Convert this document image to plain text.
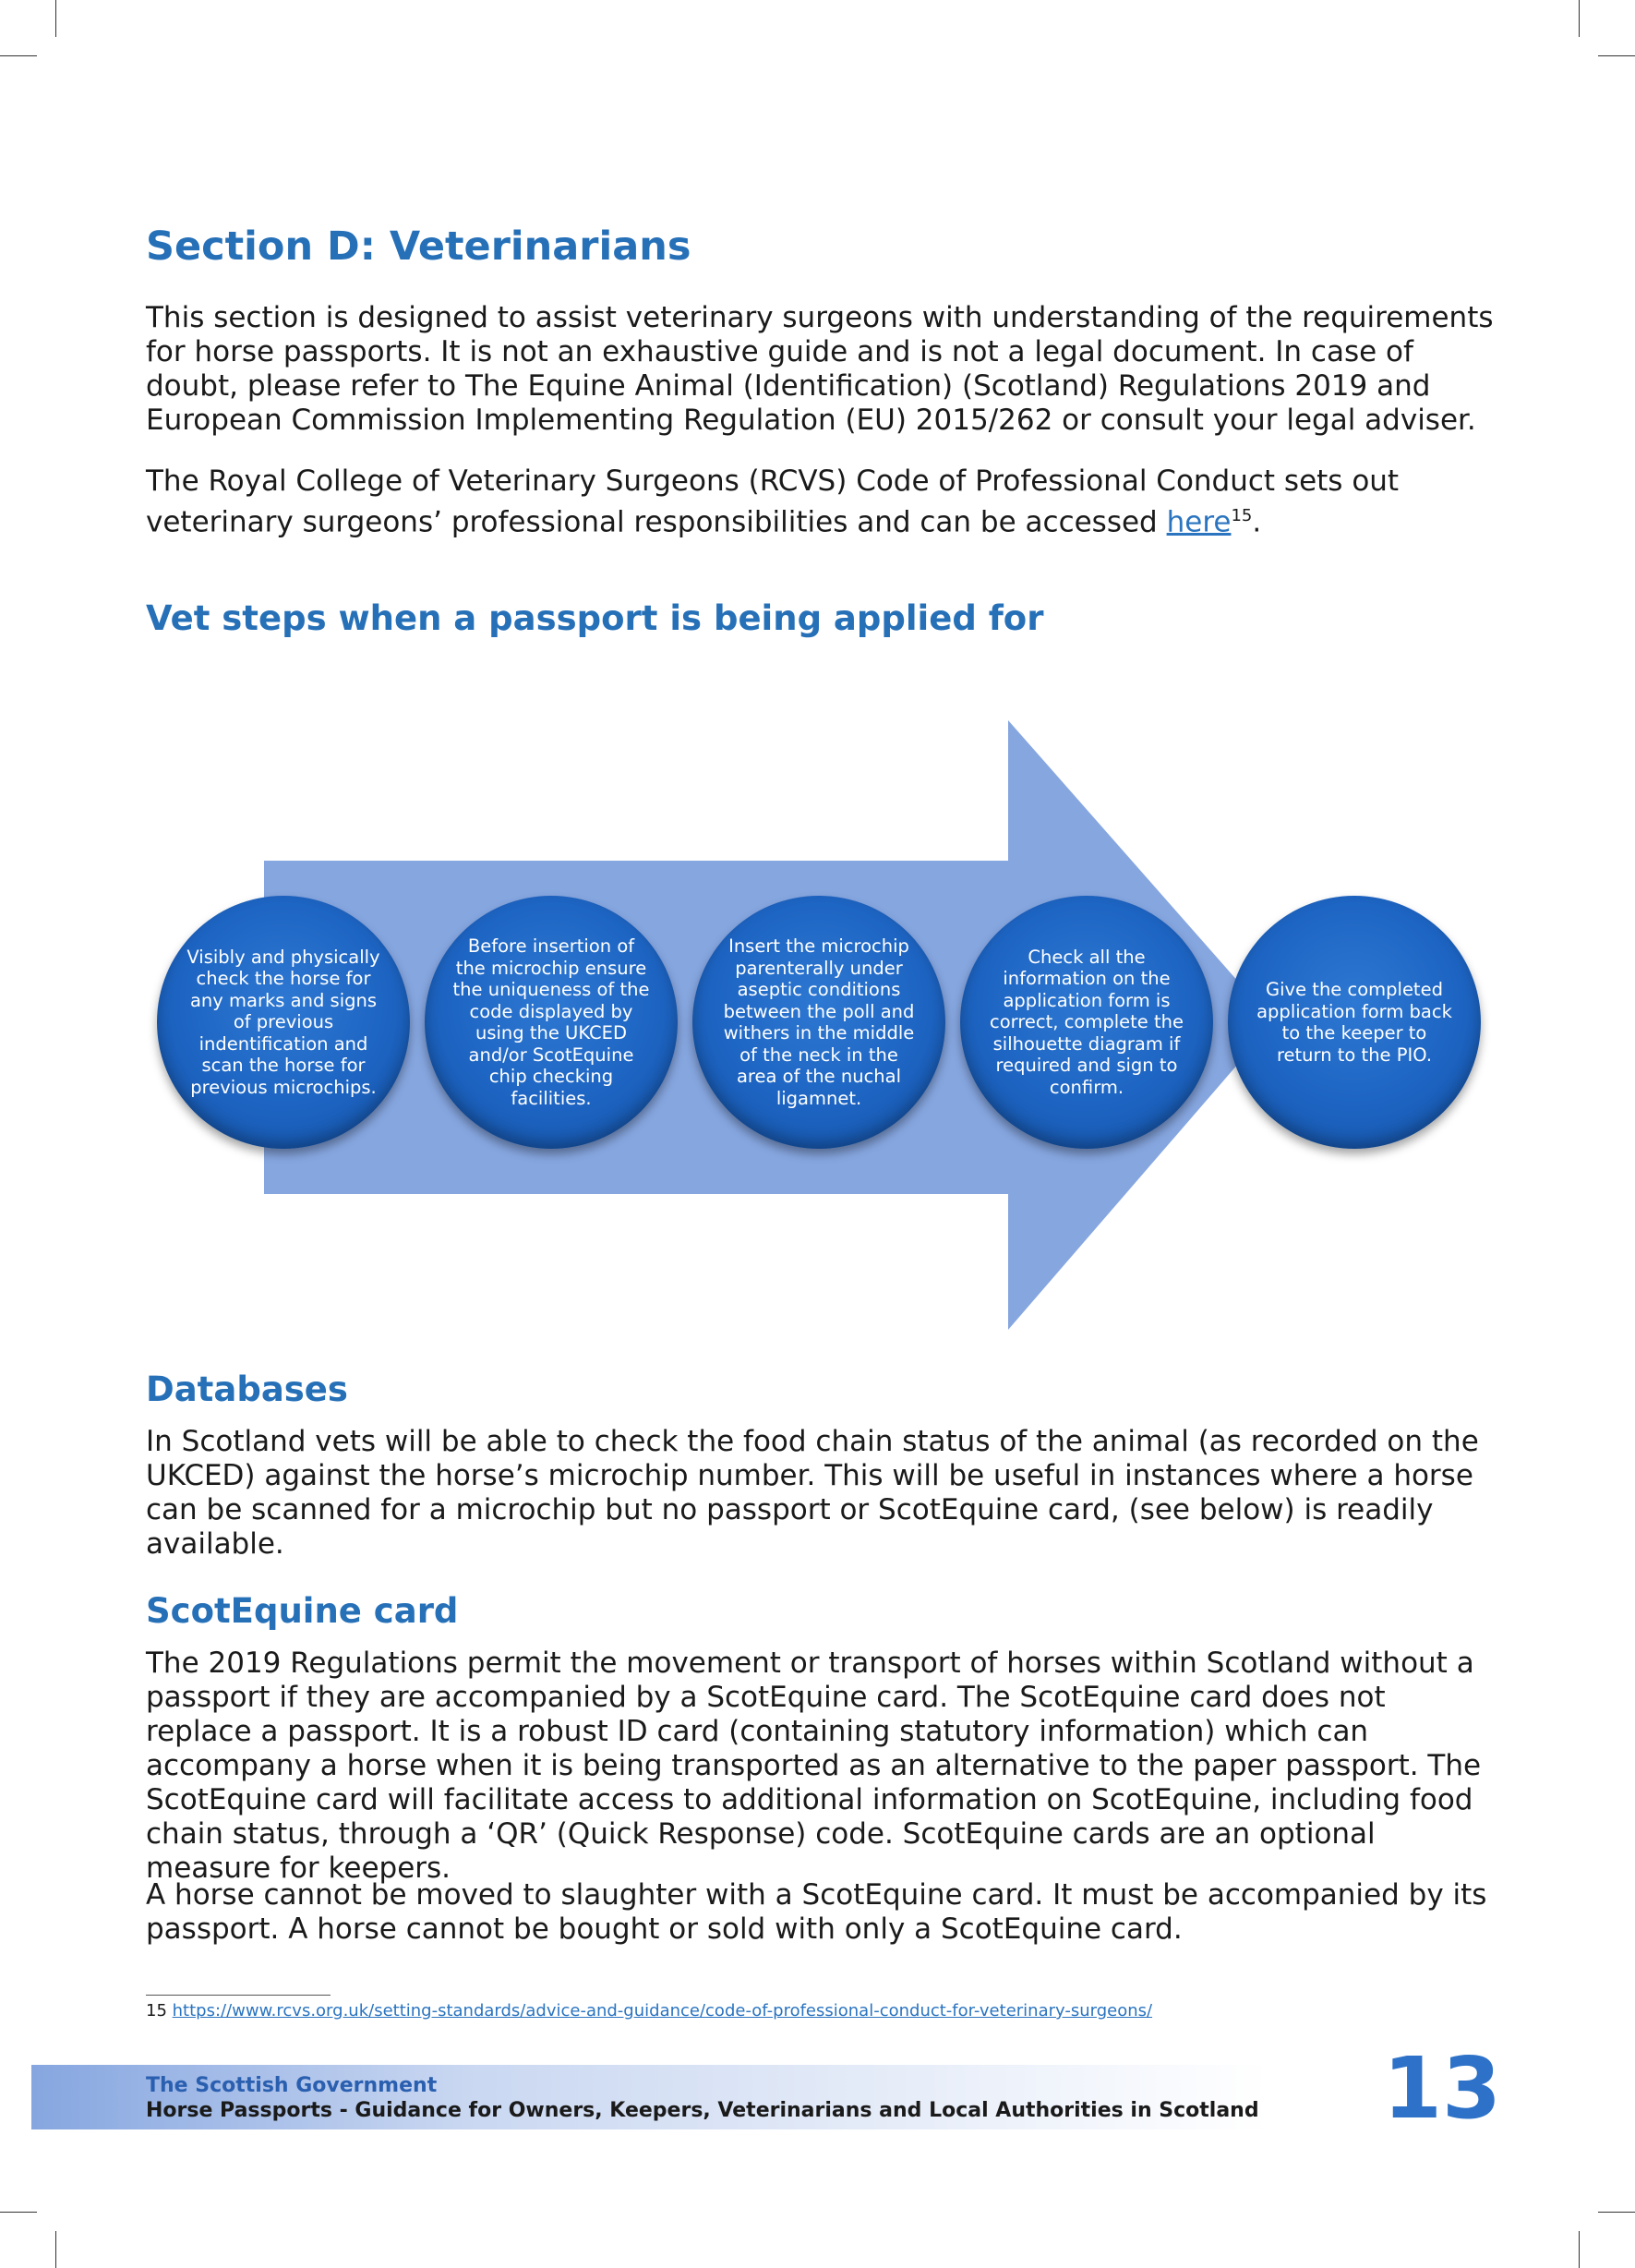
Section D: Veterinarians

This section is designed to assist veterinary surgeons with understanding of the requirements for horse passports. It is not an exhaustive guide and is not a legal document. In case of doubt, please refer to The Equine Animal (Identification) (Scotland) Regulations 2019 and European Commission Implementing Regulation (EU) 2015/262 or consult your legal adviser.

The Royal College of Veterinary Surgeons (RCVS) Code of Professional Conduct sets out veterinary surgeons’ professional responsibilities and can be accessed here$^{15}$.

Vet steps when a passport is being applied for
Visibly and physically check the horse for any marks and signs of previous indentification and scan the horse for previous microchips.
Before insertion of the microchip ensure the uniqueness of the code displayed by using the UKCED and/or ScotEquine chip checking facilities.
Insert the microchip parenterally under aseptic conditions between the poll and withers in the middle of the neck in the area of the nuchal ligamnet.
Check all the information on the application form is correct, complete the silhouette diagram if required and sign to confirm.
Give the completed application form back to the keeper to return to the PIO.
Databases

In Scotland vets will be able to check the food chain status of the animal (as recorded on the UKCED) against the horse’s microchip number. This will be useful in instances where a horse can be scanned for a microchip but no passport or ScotEquine card, (see below) is readily available.

ScotEquine card

The 2019 Regulations permit the movement or transport of horses within Scotland without a passport if they are accompanied by a ScotEquine card. The ScotEquine card does not replace a passport. It is a robust ID card (containing statutory information) which can accompany a horse when it is being transported as an alternative to the paper passport. The ScotEquine card will facilitate access to additional information on ScotEquine, including food chain status, through a ‘QR’ (Quick Response) code. ScotEquine cards are an optional measure for keepers.

A horse cannot be moved to slaughter with a ScotEquine card. It must be accompanied by its passport. A horse cannot be bought or sold with only a ScotEquine card.

15 https://www.rcvs.org.uk/setting-standards/advice-and-guidance/code-of-professional-conduct-for-veterinary-surgeons/
The Scottish Government
Horse Passports - Guidance for Owners, Keepers, Veterinarians and Local Authorities in Scotland 13
